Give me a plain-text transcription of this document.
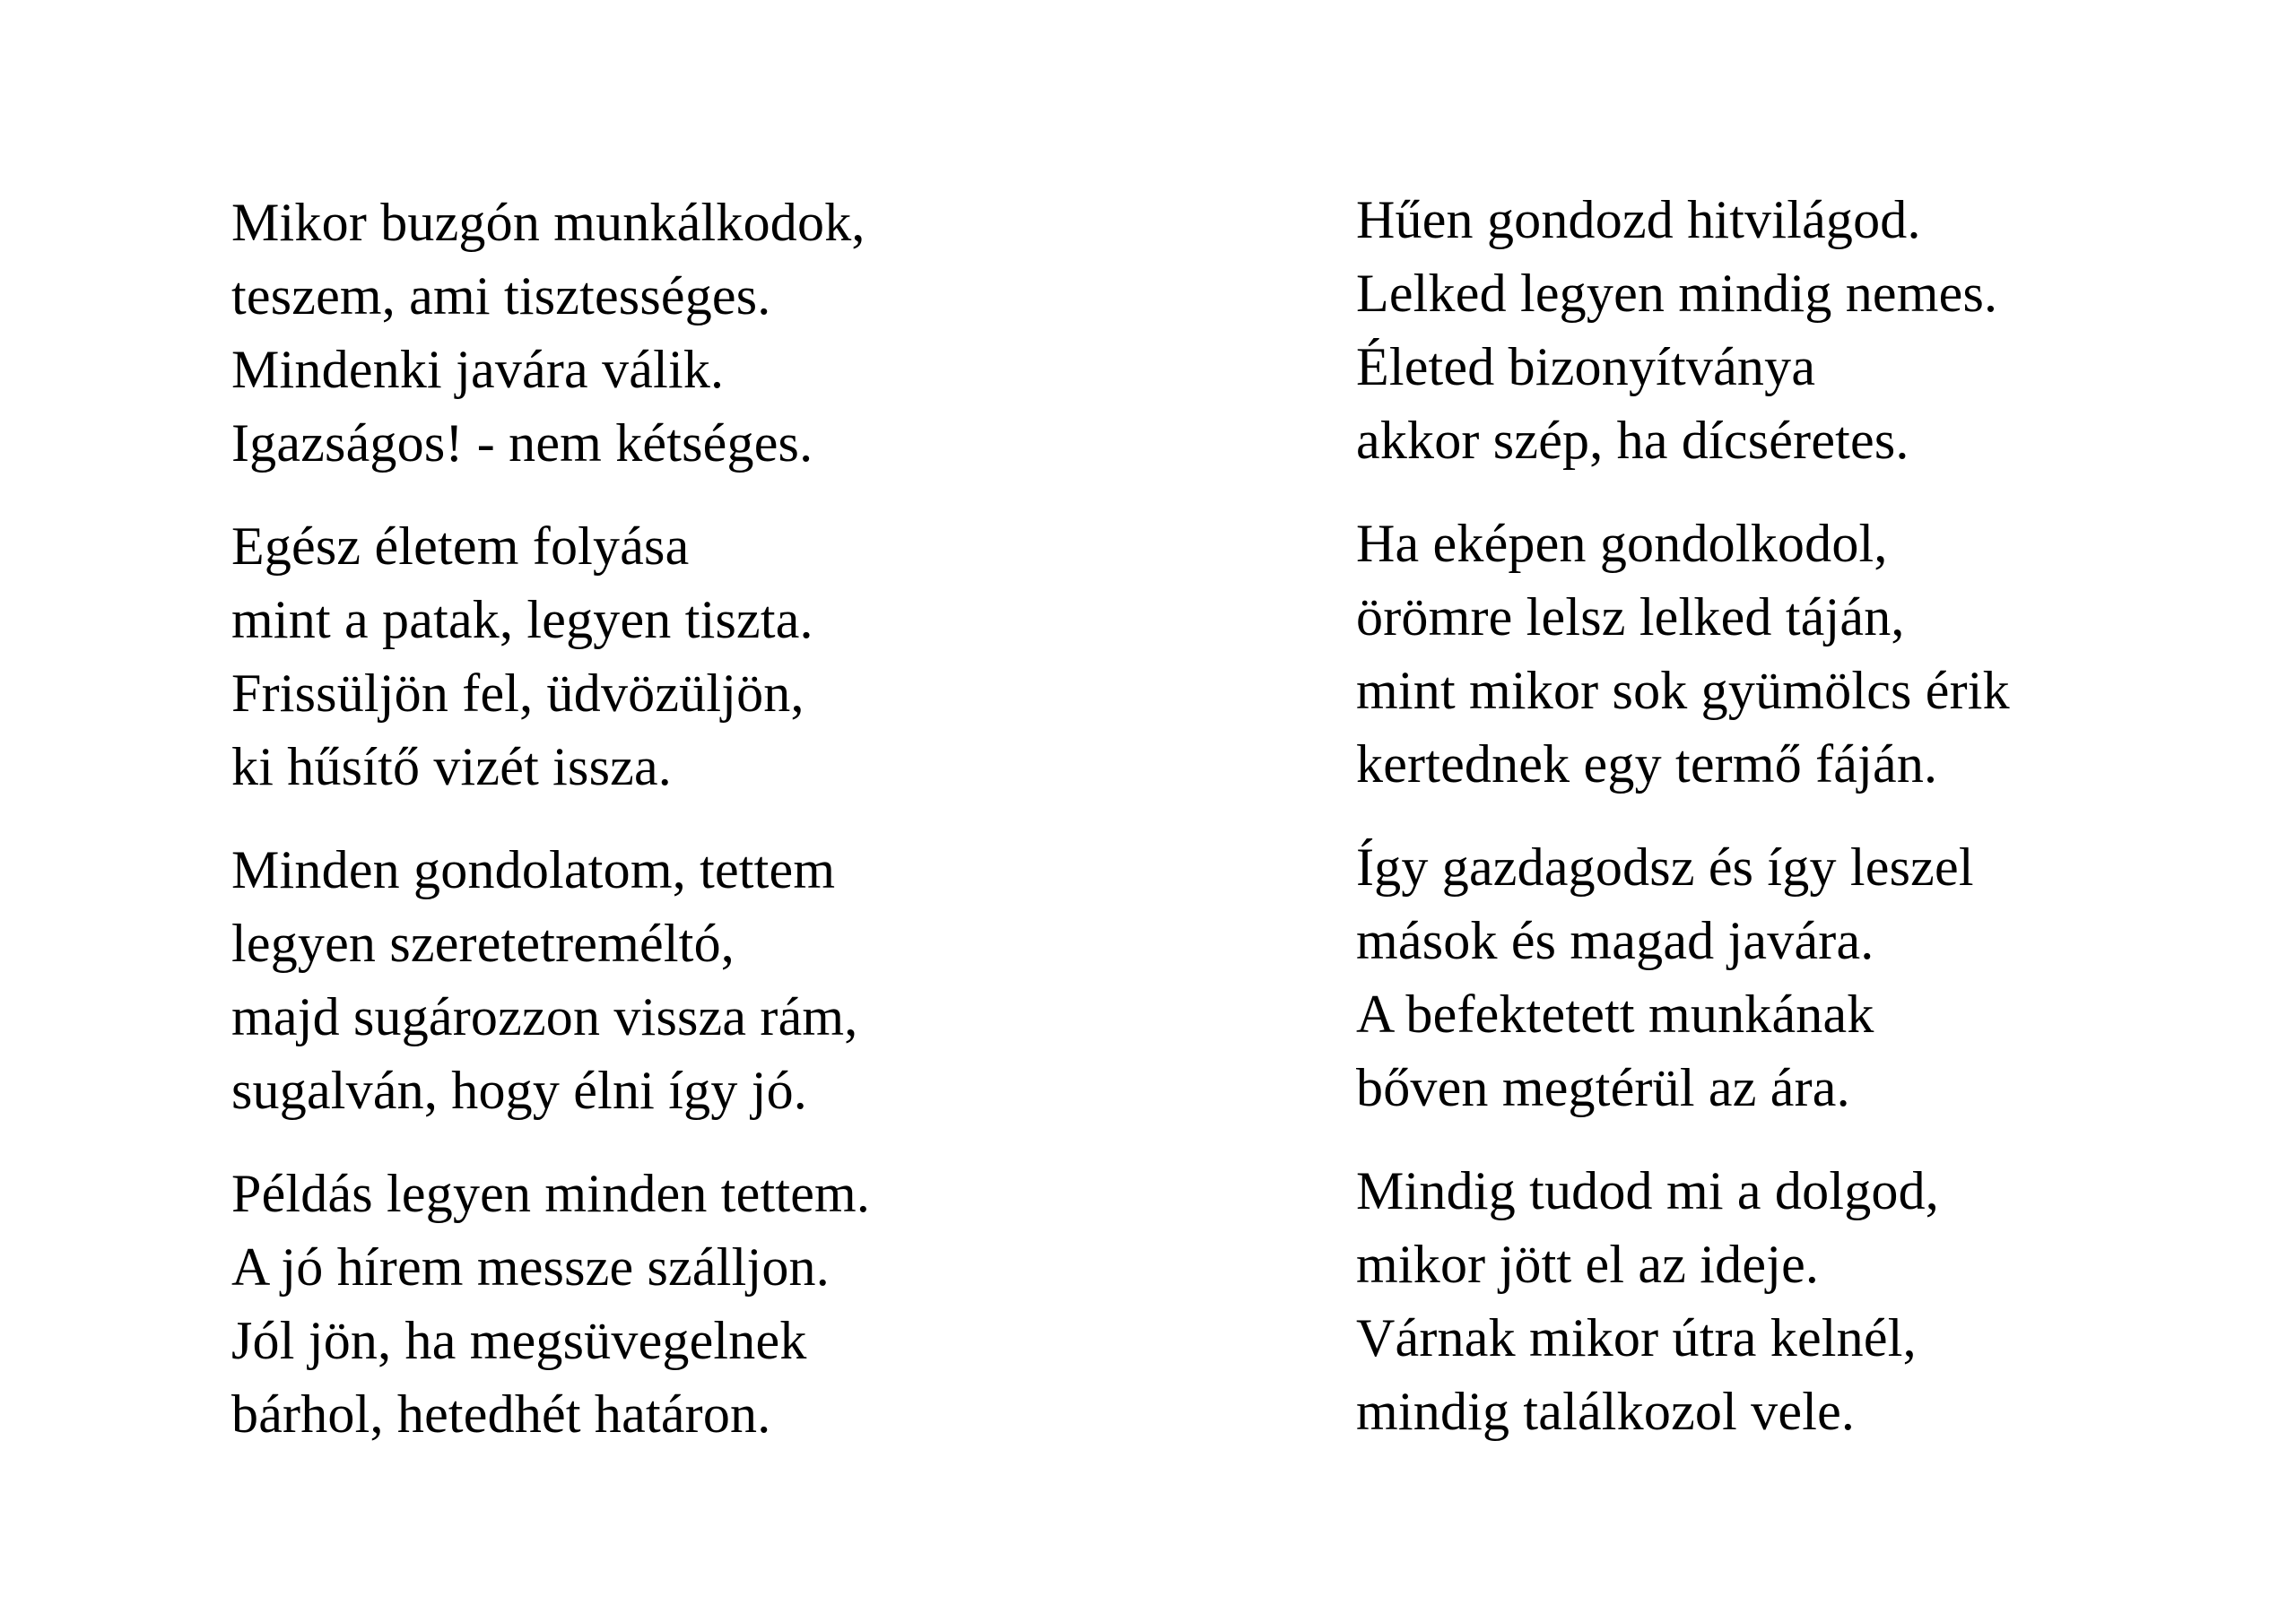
Mikor buzgón munkálkodok,
teszem, ami tisztességes.
Mindenki javára válik.
Igazságos! - nem kétséges.
Egész életem folyása
mint a patak, legyen tiszta.
Frissüljön fel, üdvözüljön,
ki hűsítő vizét issza.
Minden gondolatom, tettem
legyen szeretetreméltó,
majd sugározzon vissza rám,
sugalván, hogy élni így jó.
Példás legyen minden tettem.
A jó hírem messze szálljon.
Jól jön, ha megsüvegelnek
bárhol, hetedhét határon.
Hűen gondozd hitvilágod.
Lelked legyen mindig nemes.
Életed bizonyítványa
akkor szép, ha dícséretes.
Ha eképen gondolkodol,
örömre lelsz lelked táján,
mint mikor sok gyümölcs érik
kertednek egy termő fáján.
Így gazdagodsz és így leszel
mások és magad javára.
A befektetett munkának
bőven megtérül az ára.
Mindig tudod mi a dolgod,
mikor jött el az ideje.
Várnak mikor útra kelnél,
mindig találkozol vele.
